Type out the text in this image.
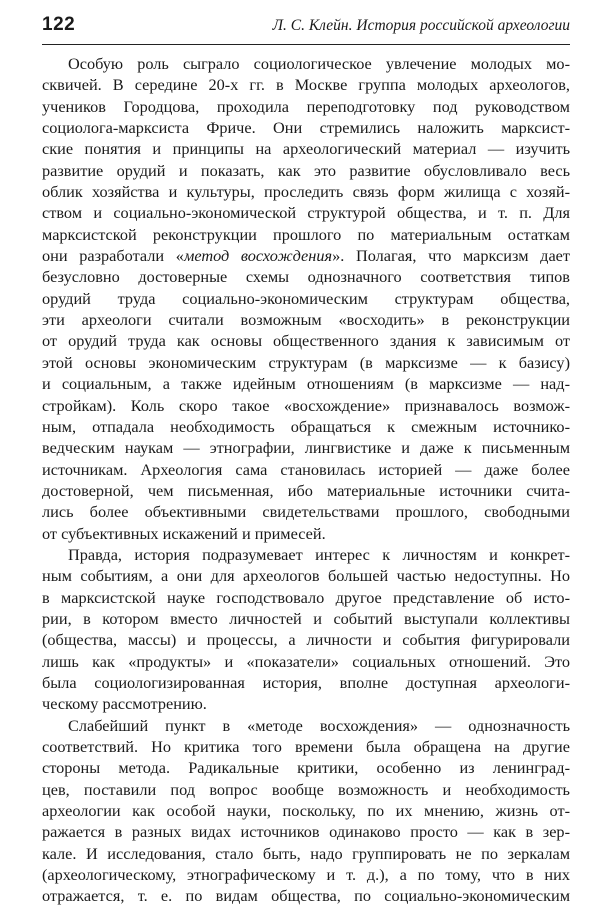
122	Л. С. Клейн. История российской археологии

Особую роль сыграло социологическое увлечение молодых мо-
сквичей. В середине 20-х гг. в Москве группа молодых археологов,
учеников Городцова, проходила переподготовку под руководством
социолога-марксиста Фриче. Они стремились наложить марксист-
ские понятия и принципы на археологический материал — изучить
развитие орудий и показать, как это развитие обусловливало весь
облик хозяйства и культуры, проследить связь форм жилища с хозяй-
ством и социально-экономической структурой общества, и т. п. Для
марксистской реконструкции прошлого по материальным остаткам
они разработали «метод восхождения». Полагая, что марксизм дает
безусловно достоверные схемы однозначного соответствия типов
орудий труда социально-экономическим структурам общества,
эти археологи считали возможным «восходить» в реконструкции
от орудий труда как основы общественного здания к зависимым от
этой основы экономическим структурам (в марксизме — к базису)
и социальным, а также идейным отношениям (в марксизме — над-
стройкам). Коль скоро такое «восхождение» признавалось возмож-
ным, отпадала необходимость обращаться к смежным источнико-
ведческим наукам — этнографии, лингвистике и даже к письменным
источникам. Археология сама становилась историей — даже более
достоверной, чем письменная, ибо материальные источники счита-
лись более объективными свидетельствами прошлого, свободными
от субъективных искажений и примесей.

Правда, история подразумевает интерес к личностям и конкрет-
ным событиям, а они для археологов большей частью недоступны. Но
в марксистской науке господствовало другое представление об исто-
рии, в котором вместо личностей и событий выступали коллективы
(общества, массы) и процессы, а личности и события фигурировали
лишь как «продукты» и «показатели» социальных отношений. Это
была социологизированная история, вполне доступная археологи-
ческому рассмотрению.

Слабейший пункт в «методе восхождения» — однозначность
соответствий. Но критика того времени была обращена на другие
стороны метода. Радикальные критики, особенно из ленинград-
цев, поставили под вопрос вообще возможность и необходимость
археологии как особой науки, поскольку, по их мнению, жизнь от-
ражается в разных видах источников одинаково просто — как в зер-
кале. И исследования, стало быть, надо группировать не по зеркалам
(археологическому, этнографическому и т. д.), а по тому, что в них
отражается, т. е. по видам общества, по социально-экономическим
